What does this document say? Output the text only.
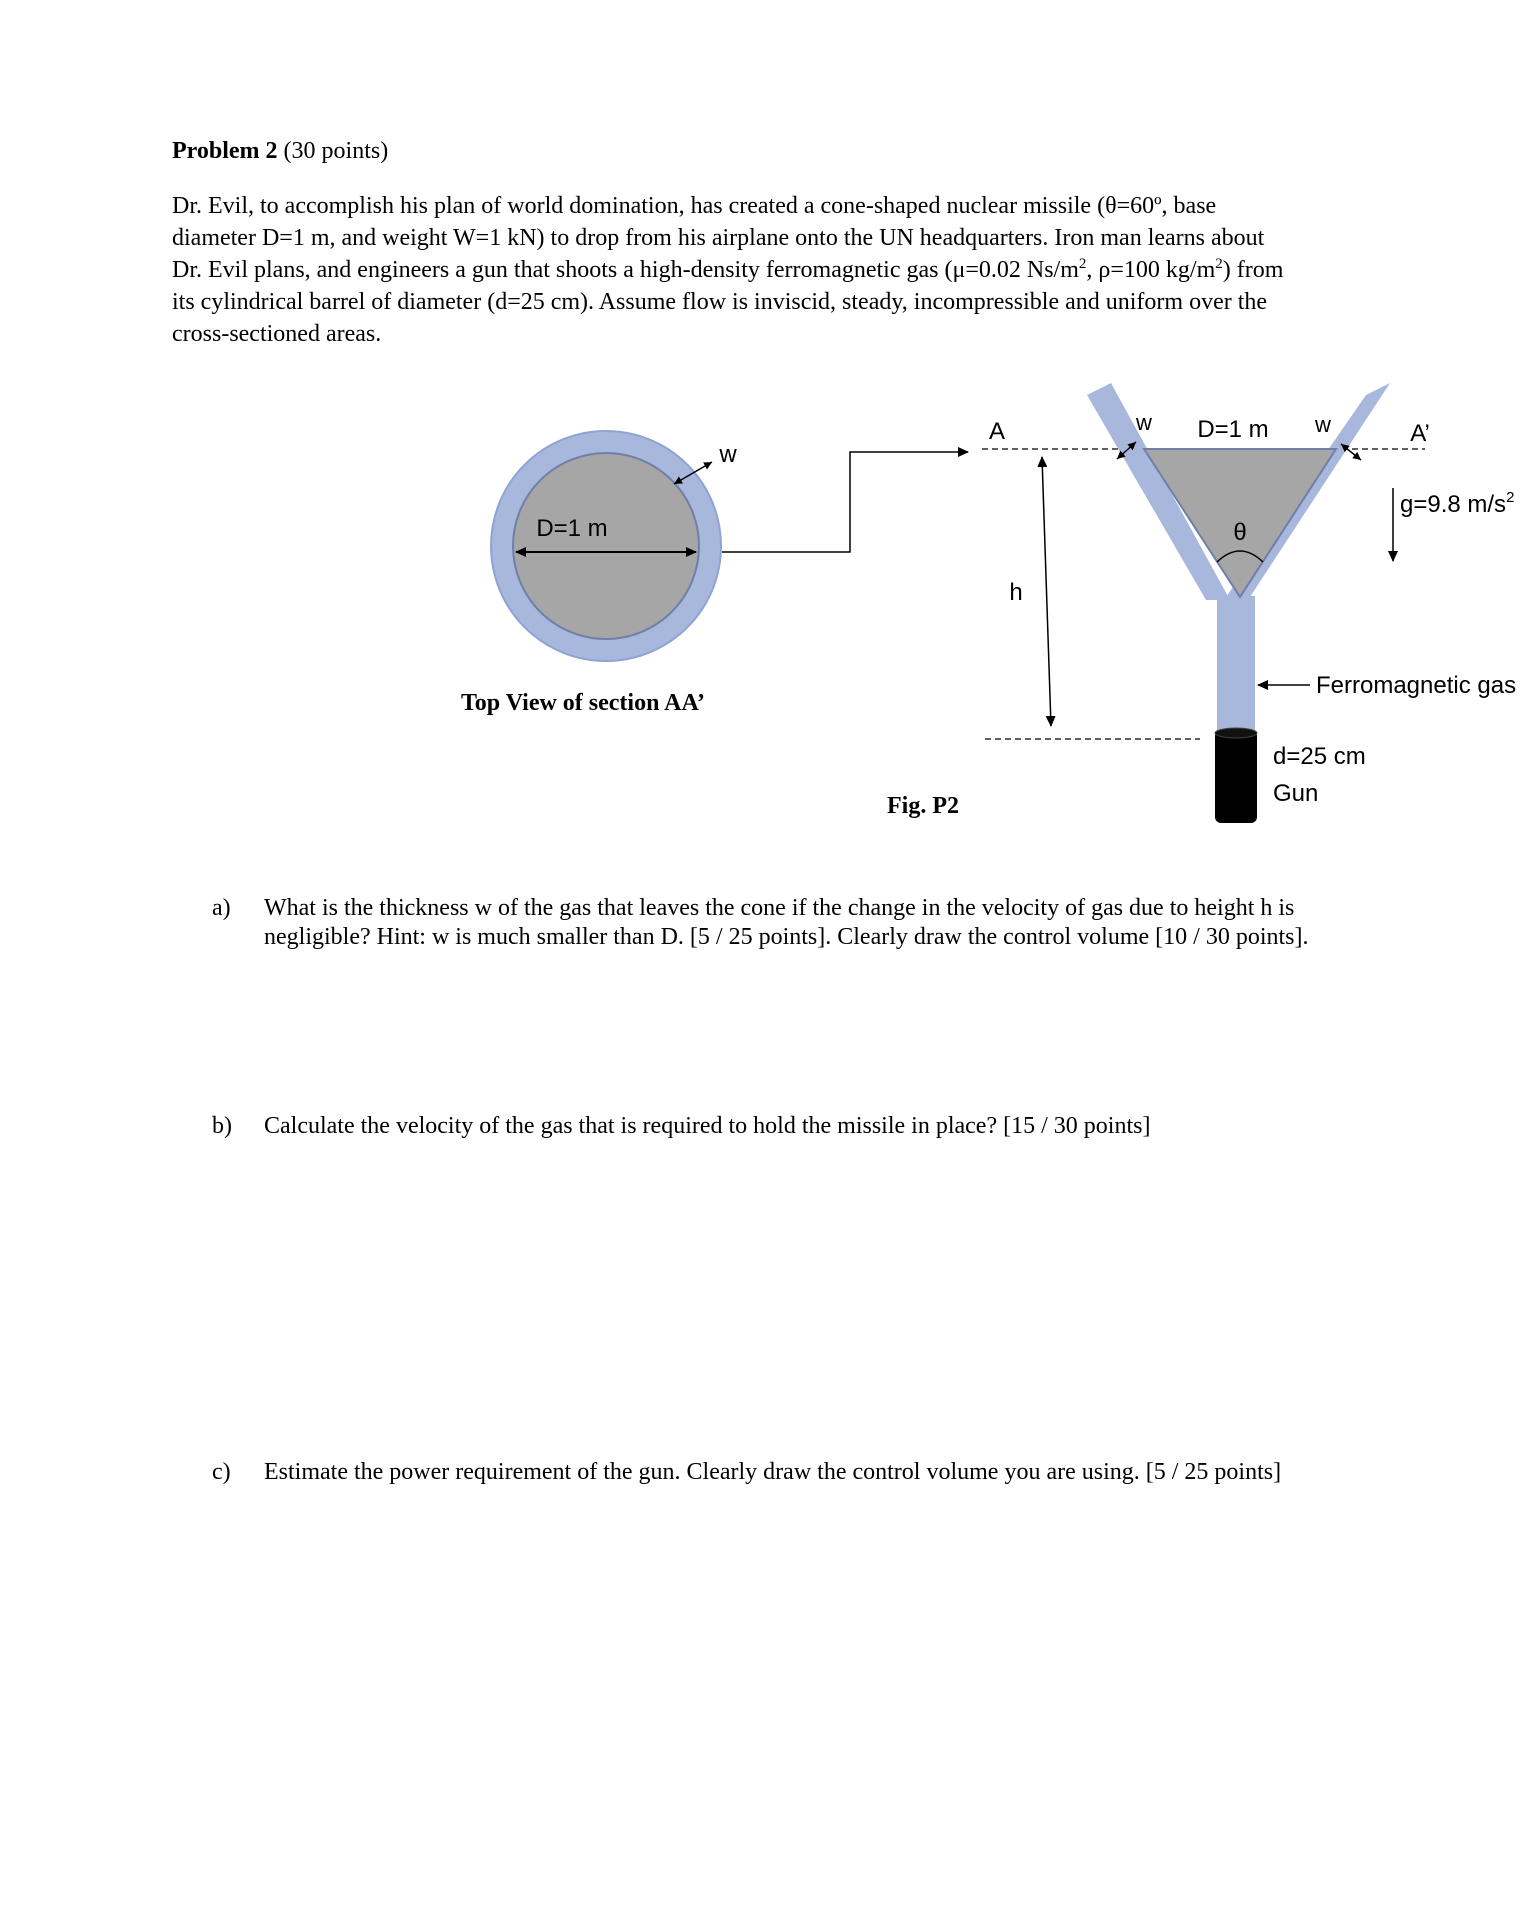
Problem 2 (30 points)
Dr. Evil, to accomplish his plan of world domination, has created a cone-shaped nuclear missile (θ=60º, base
diameter D=1 m, and weight W=1 kN) to drop from his airplane onto the UN headquarters. Iron man learns about
Dr. Evil plans, and engineers a gun that shoots a high-density ferromagnetic gas (μ=0.02 $Ns/m^2$, ρ=100 $kg/m^2$) from
its cylindrical barrel of diameter (d=25 cm). Assume flow is inviscid, steady, incompressible and uniform over the
cross-sectioned areas.
D=1 m
w
Top View of section AA’
A	A’
θ
D=1 m
w	w
h
g=9.8 $m/s^2$
Ferromagnetic gas
d=25 cm
Gun
Fig. P2
a) What is the thickness w of the gas that leaves the cone if the change in the velocity of gas due to height h is
negligible? Hint: w is much smaller than D. [5 / 25 points]. Clearly draw the control volume [10 / 30 points].
b) Calculate the velocity of the gas that is required to hold the missile in place? [15 / 30 points]
c) Estimate the power requirement of the gun. Clearly draw the control volume you are using. [5 / 25 points]
